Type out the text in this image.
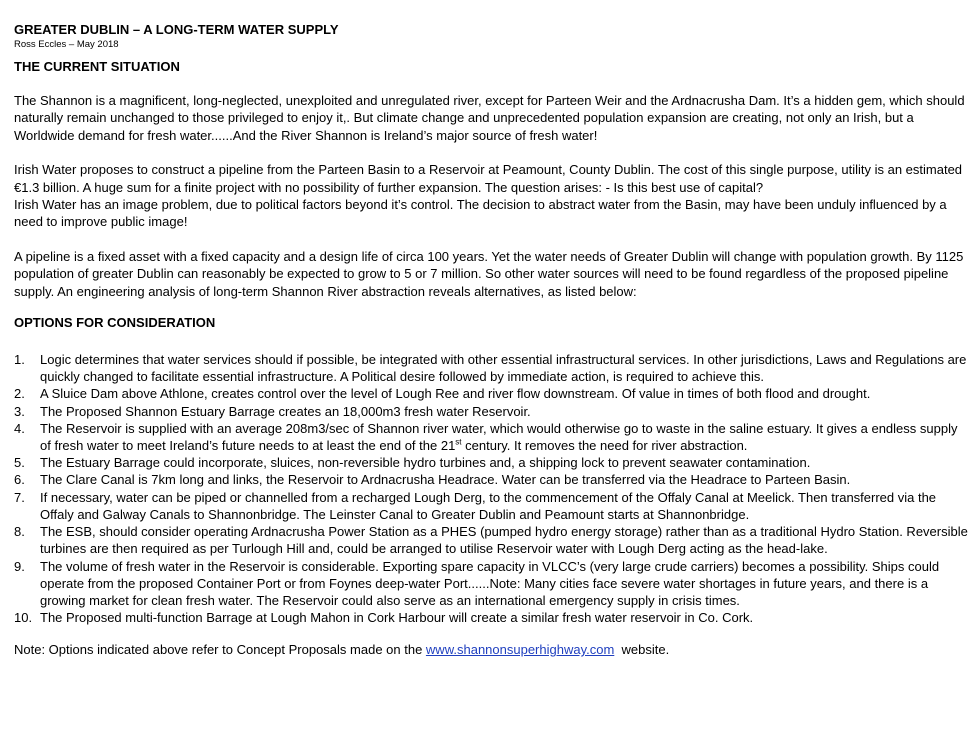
GREATER DUBLIN – A LONG-TERM WATER SUPPLY

Ross Eccles – May 2018

THE CURRENT SITUATION

The Shannon is a magnificent, long-neglected, unexploited and unregulated river, except for Parteen Weir and the Ardnacrusha Dam. It’s a hidden gem, which should naturally remain unchanged to those privileged to enjoy it,. But climate change and unprecedented population expansion are creating, not only an Irish, but a Worldwide demand for fresh water......And the River Shannon is Ireland’s major source of fresh water!

Irish Water proposes to construct a pipeline from the Parteen Basin to a Reservoir at Peamount, County Dublin. The cost of this single purpose, utility is an estimated €1.3 billion. A huge sum for a finite project with no possibility of further expansion. The question arises: - Is this best use of capital?
Irish Water has an image problem, due to political factors beyond it’s control. The decision to abstract water from the Basin, may have been unduly influenced by a need to improve public image!

A pipeline is a fixed asset with a fixed capacity and a design life of circa 100 years. Yet the water needs of Greater Dublin will change with population growth. By 1125 population of greater Dublin can reasonably be expected to grow to 5 or 7 million. So other water sources will need to be found regardless of the proposed pipeline supply. An engineering analysis of long-term Shannon River abstraction reveals alternatives, as listed below:

OPTIONS FOR CONSIDERATION

1. Logic determines that water services should if possible, be integrated with other essential infrastructural services. In other jurisdictions, Laws and Regulations are quickly changed to facilitate essential infrastructure. A Political desire followed by immediate action, is required to achieve this.
2. A Sluice Dam above Athlone, creates control over the level of Lough Ree and river flow downstream. Of value in times of both flood and drought.
3. The Proposed Shannon Estuary Barrage creates an 18,000m3 fresh water Reservoir.
4. The Reservoir is supplied with an average 208m3/sec of Shannon river water, which would otherwise go to waste in the saline estuary. It gives a endless supply of fresh water to meet Ireland’s future needs to at least the end of the 21st century. It removes the need for river abstraction.
5. The Estuary Barrage could incorporate, sluices, non-reversible hydro turbines and, a shipping lock to prevent seawater contamination.
6. The Clare Canal is 7km long and links, the Reservoir to Ardnacrusha Headrace. Water can be transferred via the Headrace to Parteen Basin.
7. If necessary, water can be piped or channelled from a recharged Lough Derg, to the commencement of the Offaly Canal at Meelick. Then transferred via the Offaly and Galway Canals to Shannonbridge. The Leinster Canal to Greater Dublin and Peamount starts at Shannonbridge.
8. The ESB, should consider operating Ardnacrusha Power Station as a PHES (pumped hydro energy storage) rather than as a traditional Hydro Station. Reversible turbines are then required as per Turlough Hill and, could be arranged to utilise Reservoir water with Lough Derg acting as the head-lake.
9. The volume of fresh water in the Reservoir is considerable. Exporting spare capacity in VLCC’s (very large crude carriers) becomes a possibility. Ships could operate from the proposed Container Port or from Foynes deep-water Port......Note: Many cities face severe water shortages in future years, and there is a growing market for clean fresh water. The Reservoir could also serve as an international emergency supply in crisis times.
10. The Proposed multi-function Barrage at Lough Mahon in Cork Harbour will create a similar fresh water reservoir in Co. Cork.

Note: Options indicated above refer to Concept Proposals made on the www.shannonsuperhighway.com  website.
